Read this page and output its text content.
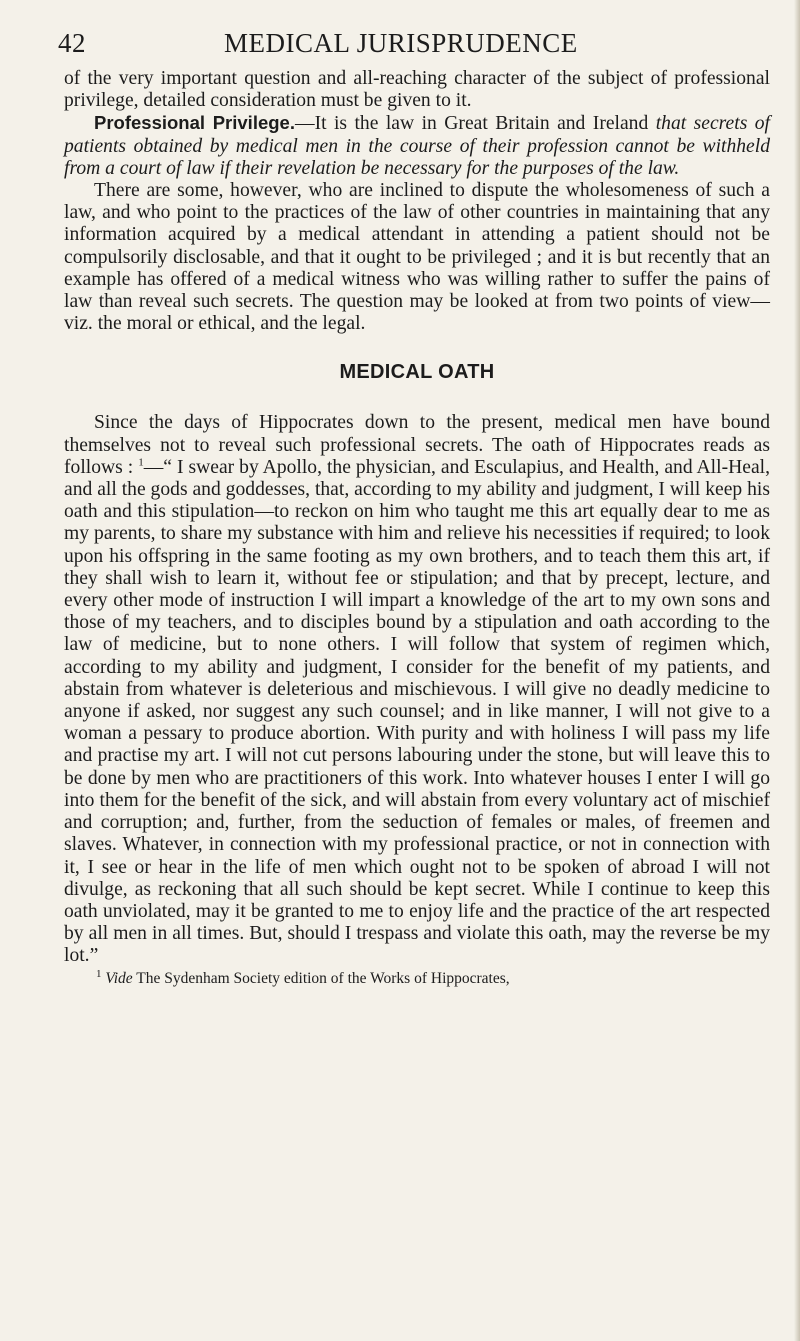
42	MEDICAL JURISPRUDENCE

of the very important question and all-reaching character of the subject of professional privilege, detailed consideration must be given to it.

Professional Privilege.—It is the law in Great Britain and Ireland that secrets of patients obtained by medical men in the course of their profession cannot be withheld from a court of law if their revelation be necessary for the purposes of the law.

There are some, however, who are inclined to dispute the wholesomeness of such a law, and who point to the practices of the law of other countries in maintaining that any information acquired by a medical attendant in attending a patient should not be compulsorily disclosable, and that it ought to be privileged ; and it is but recently that an example has offered of a medical witness who was willing rather to suffer the pains of law than reveal such secrets. The question may be looked at from two points of view—viz. the moral or ethical, and the legal.

MEDICAL OATH

Since the days of Hippocrates down to the present, medical men have bound themselves not to reveal such professional secrets. The oath of Hippocrates reads as follows : $^1$—“ I swear by Apollo, the physician, and Esculapius, and Health, and All-Heal, and all the gods and goddesses, that, according to my ability and judgment, I will keep his oath and this stipulation—to reckon on him who taught me this art equally dear to me as my parents, to share my substance with him and relieve his necessities if required; to look upon his offspring in the same footing as my own brothers, and to teach them this art, if they shall wish to learn it, without fee or stipulation; and that by precept, lecture, and every other mode of instruction I will impart a knowledge of the art to my own sons and those of my teachers, and to disciples bound by a stipulation and oath according to the law of medicine, but to none others. I will follow that system of regimen which, according to my ability and judgment, I consider for the benefit of my patients, and abstain from whatever is deleterious and mischievous. I will give no deadly medicine to anyone if asked, nor suggest any such counsel; and in like manner, I will not give to a woman a pessary to produce abortion. With purity and with holiness I will pass my life and practise my art. I will not cut persons labouring under the stone, but will leave this to be done by men who are practitioners of this work. Into whatever houses I enter I will go into them for the benefit of the sick, and will abstain from every voluntary act of mischief and corruption; and, further, from the seduction of females or males, of freemen and slaves. Whatever, in connection with my professional practice, or not in connection with it, I see or hear in the life of men which ought not to be spoken of abroad I will not divulge, as reckoning that all such should be kept secret. While I continue to keep this oath unviolated, may it be granted to me to enjoy life and the practice of the art respected by all men in all times. But, should I trespass and violate this oath, may the reverse be my lot.”

$^1$ Vide The Sydenham Society edition of the Works of Hippocrates,
